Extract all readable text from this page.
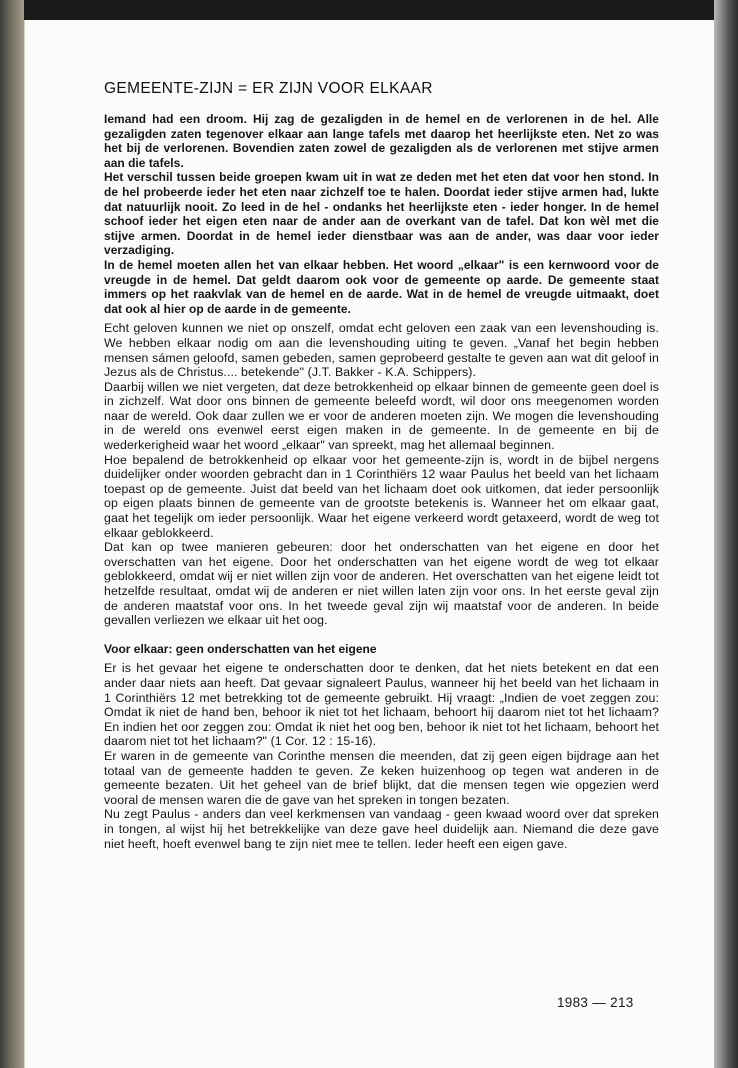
GEMEENTE-ZIJN = ER ZIJN VOOR ELKAAR

Iemand had een droom. Hij zag de gezaligden in de hemel en de verlorenen in de hel. Alle gezaligden zaten tegenover elkaar aan lange tafels met daarop het heerlijkste eten. Net zo was het bij de verlorenen. Bovendien zaten zowel de gezaligden als de verlorenen met stijve armen aan die tafels.

Het verschil tussen beide groepen kwam uit in wat ze deden met het eten dat voor hen stond. In de hel probeerde ieder het eten naar zichzelf toe te halen. Doordat ieder stijve armen had, lukte dat natuurlijk nooit. Zo leed in de hel - ondanks het heerlijkste eten - ieder honger. In de hemel schoof ieder het eigen eten naar de ander aan de overkant van de tafel. Dat kon wèl met die stijve armen. Doordat in de hemel ieder dienstbaar was aan de ander, was daar voor ieder verzadiging.

In de hemel moeten allen het van elkaar hebben. Het woord „elkaar" is een kernwoord voor de vreugde in de hemel. Dat geldt daarom ook voor de gemeente op aarde. De gemeente staat immers op het raakvlak van de hemel en de aarde. Wat in de hemel de vreugde uitmaakt, doet dat ook al hier op de aarde in de gemeente.

Echt geloven kunnen we niet op onszelf, omdat echt geloven een zaak van een levenshouding is. We hebben elkaar nodig om aan die levenshouding uiting te geven. „Vanaf het begin hebben mensen sámen geloofd, samen gebeden, samen geprobeerd gestalte te geven aan wat dit geloof in Jezus als de Christus.... betekende" (J.T. Bakker - K.A. Schippers).

Daarbij willen we niet vergeten, dat deze betrokkenheid op elkaar binnen de gemeente geen doel is in zichzelf. Wat door ons binnen de gemeente beleefd wordt, wil door ons meegenomen worden naar de wereld. Ook daar zullen we er voor de anderen moeten zijn. We mogen die levenshouding in de wereld ons evenwel eerst eigen maken in de gemeente. In de gemeente en bij de wederkerigheid waar het woord „elkaar" van spreekt, mag het allemaal beginnen.

Hoe bepalend de betrokkenheid op elkaar voor het gemeente-zijn is, wordt in de bijbel nergens duidelijker onder woorden gebracht dan in 1 Corinthiërs 12 waar Paulus het beeld van het lichaam toepast op de gemeente. Juist dat beeld van het lichaam doet ook uitkomen, dat ieder persoonlijk op eigen plaats binnen de gemeente van de grootste betekenis is. Wanneer het om elkaar gaat, gaat het tegelijk om ieder persoonlijk. Waar het eigene verkeerd wordt getaxeerd, wordt de weg tot elkaar geblokkeerd.

Dat kan op twee manieren gebeuren: door het onderschatten van het eigene en door het overschatten van het eigene. Door het onderschatten van het eigene wordt de weg tot elkaar geblokkeerd, omdat wij er niet willen zijn voor de anderen. Het overschatten van het eigene leidt tot hetzelfde resultaat, omdat wij de anderen er niet willen laten zijn voor ons. In het eerste geval zijn de anderen maatstaf voor ons. In het tweede geval zijn wij maatstaf voor de anderen. In beide gevallen verliezen we elkaar uit het oog.

Voor elkaar: geen onderschatten van het eigene

Er is het gevaar het eigene te onderschatten door te denken, dat het niets betekent en dat een ander daar niets aan heeft. Dat gevaar signaleert Paulus, wanneer hij het beeld van het lichaam in 1 Corinthiërs 12 met betrekking tot de gemeente gebruikt. Hij vraagt: „Indien de voet zeggen zou: Omdat ik niet de hand ben, behoor ik niet tot het lichaam, behoort hij daarom niet tot het lichaam? En indien het oor zeggen zou: Omdat ik niet het oog ben, behoor ik niet tot het lichaam, behoort het daarom niet tot het lichaam?" (1 Cor. 12 : 15-16).

Er waren in de gemeente van Corinthe mensen die meenden, dat zij geen eigen bijdrage aan het totaal van de gemeente hadden te geven. Ze keken huizenhoog op tegen wat anderen in de gemeente bezaten. Uit het geheel van de brief blijkt, dat die mensen tegen wie opgezien werd vooral de mensen waren die de gave van het spreken in tongen bezaten.

Nu zegt Paulus - anders dan veel kerkmensen van vandaag - geen kwaad woord over dat spreken in tongen, al wijst hij het betrekkelijke van deze gave heel duidelijk aan. Niemand die deze gave niet heeft, hoeft evenwel bang te zijn niet mee te tellen. Ieder heeft een eigen gave.

1983 — 213
